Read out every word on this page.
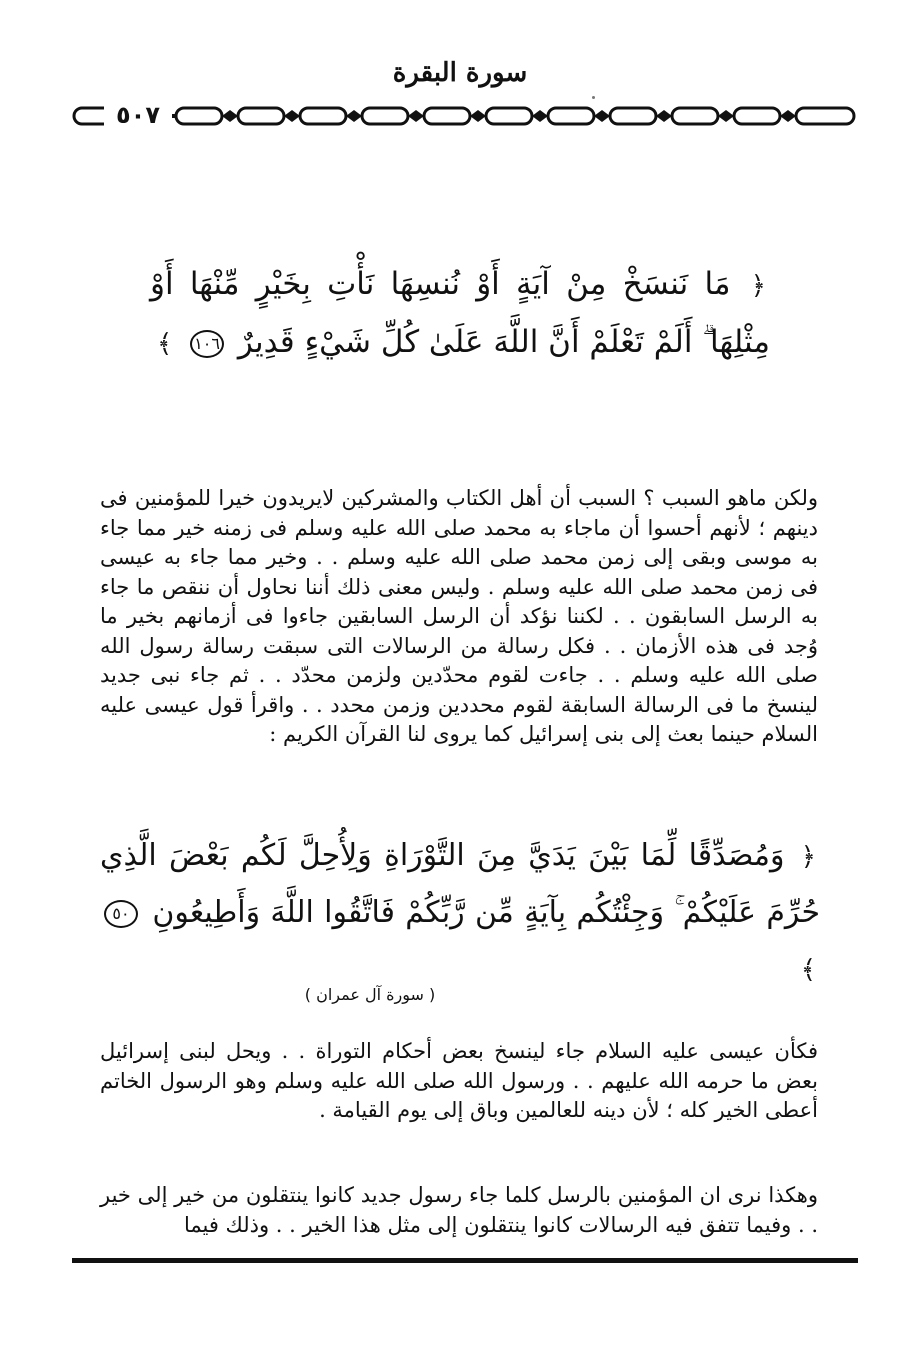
سورة البقرة
٥٠٧
﴿ مَا نَنسَخْ مِنْ آيَةٍ أَوْ نُنسِهَا نَأْتِ بِخَيْرٍ مِّنْهَا أَوْ مِثْلِهَا ۗ أَلَمْ تَعْلَمْ أَنَّ اللَّهَ عَلَىٰ كُلِّ شَيْءٍ قَدِيرٌ ١٠٦ ﴾
ولكن ماهو السبب ؟ السبب أن أهل الكتاب والمشركين لايريدون خيرا للمؤمنين فى دينهم ؛ لأنهم أحسوا أن ماجاء به محمد صلى الله عليه وسلم فى زمنه خير مما جاء به موسى وبقى إلى زمن محمد صلى الله عليه وسلم . . وخير مما جاء به عيسى فى زمن محمد صلى الله عليه وسلم . وليس معنى ذلك أننا نحاول أن ننقص ما جاء به الرسل السابقون . . لكننا نؤكد أن الرسل السابقين جاءوا فى أزمانهم بخير ما وُجد فى هذه الأزمان . . فكل رسالة من الرسالات التى سبقت رسالة رسول الله صلى الله عليه وسلم . . جاءت لقوم محدّدين ولزمن محدّد . . ثم جاء نبى جديد لينسخ ما فى الرسالة السابقة لقوم محددين وزمن محدد . . واقرأ قول عيسى عليه السلام حينما بعث إلى بنى إسرائيل كما يروى لنا القرآن الكريم :
﴿ وَمُصَدِّقًا لِّمَا بَيْنَ يَدَيَّ مِنَ التَّوْرَاةِ وَلِأُحِلَّ لَكُم بَعْضَ الَّذِي حُرِّمَ عَلَيْكُمْ ۚ وَجِئْتُكُم بِآيَةٍ مِّن رَّبِّكُمْ فَاتَّقُوا اللَّهَ وَأَطِيعُونِ ٥٠ ﴾
( سورة آل عمران )
فكأن عيسى عليه السلام جاء لينسخ بعض أحكام التوراة . . ويحل لبنى إسرائيل بعض ما حرمه الله عليهم . . ورسول الله صلى الله عليه وسلم وهو الرسول الخاتم أعطى الخير كله ؛ لأن دينه للعالمين وباق إلى يوم القيامة .
وهكذا نرى ان المؤمنين بالرسل كلما جاء رسول جديد كانوا ينتقلون من خير إلى خير . . وفيما تتفق فيه الرسالات كانوا ينتقلون إلى مثل هذا الخير . . وذلك فيما
